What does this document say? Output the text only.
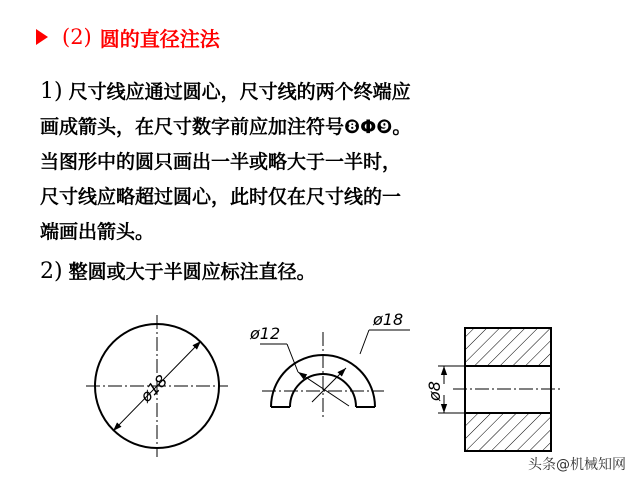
(2) 圆的直径注法
1) 尺寸线应通过圆心，尺寸线的两个终端应
画成箭头，在尺寸数字前应加注符号❽Φ❾。
当图形中的圆只画出一半或略大于一半时，
尺寸线应略超过圆心，此时仅在尺寸线的一
端画出箭头。
2) 整圆或大于半圆应标注直径。
ø18
ø12
ø18
ø8
头条@机械知网
